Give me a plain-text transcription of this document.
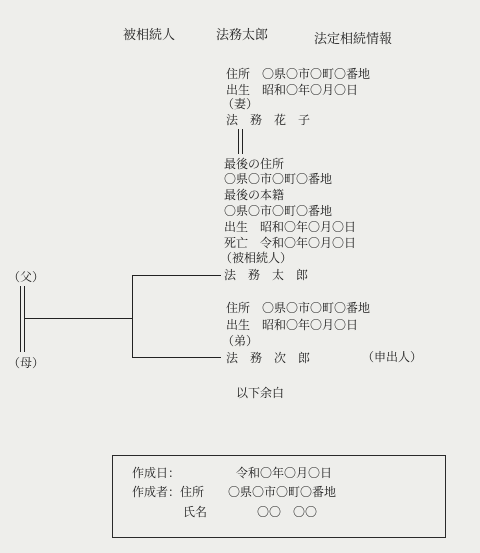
被相続人	法務太郎	法定相続情報
住所　〇県〇市〇町〇番地
出生　昭和〇年〇月〇日
（妻）
法　務　花　子
最後の住所
〇県〇市〇町〇番地
最後の本籍
〇県〇市〇町〇番地
出生　昭和〇年〇月〇日
死亡　令和〇年〇月〇日
（被相続人）
法　務　太　郎
（父）
（母）
住所　〇県〇市〇町〇番地
出生　昭和〇年〇月〇日
（弟）
法　務　次　郎	（申出人）
以下余白
作成日：	令和〇年〇月〇日
作成者：住所 〇県〇市〇町〇番地
氏名	〇〇　〇〇
